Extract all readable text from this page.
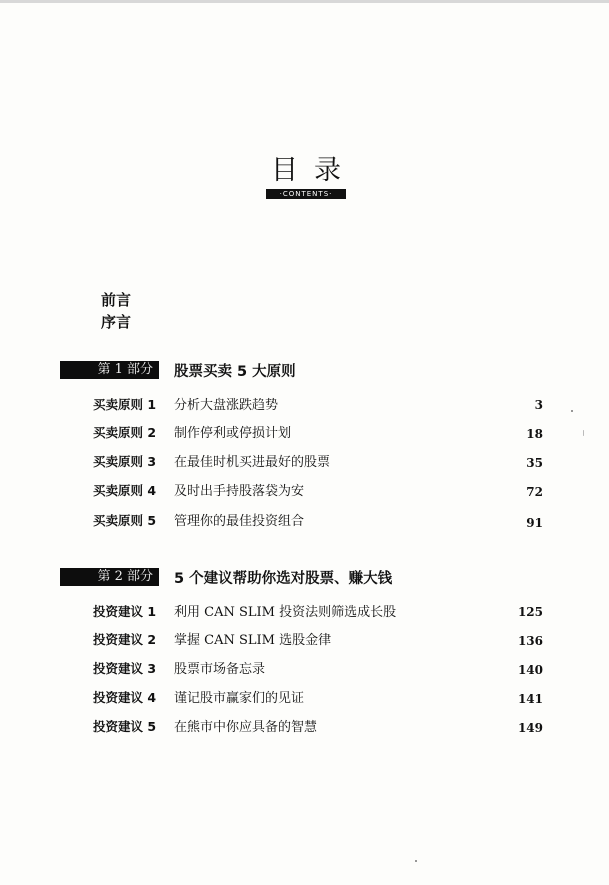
目录
·CONTENTS·
前言
序言
第 1 部分	股票买卖 5 大原则
买卖原则 1 分析大盘涨跌趋势	3
买卖原则 2 制作停利或停损计划	18
买卖原则 3 在最佳时机买进最好的股票	35
买卖原则 4 及时出手持股落袋为安	72
买卖原则 5 管理你的最佳投资组合	91
第 2 部分	5 个建议帮助你选对股票、赚大钱
投资建议 1 利用 CAN SLIM 投资法则筛选成长股	125
投资建议 2 掌握 CAN SLIM 选股金律	136
投资建议 3 股票市场备忘录	140
投资建议 4 谨记股市赢家们的见证	141
投资建议 5 在熊市中你应具备的智慧	149
